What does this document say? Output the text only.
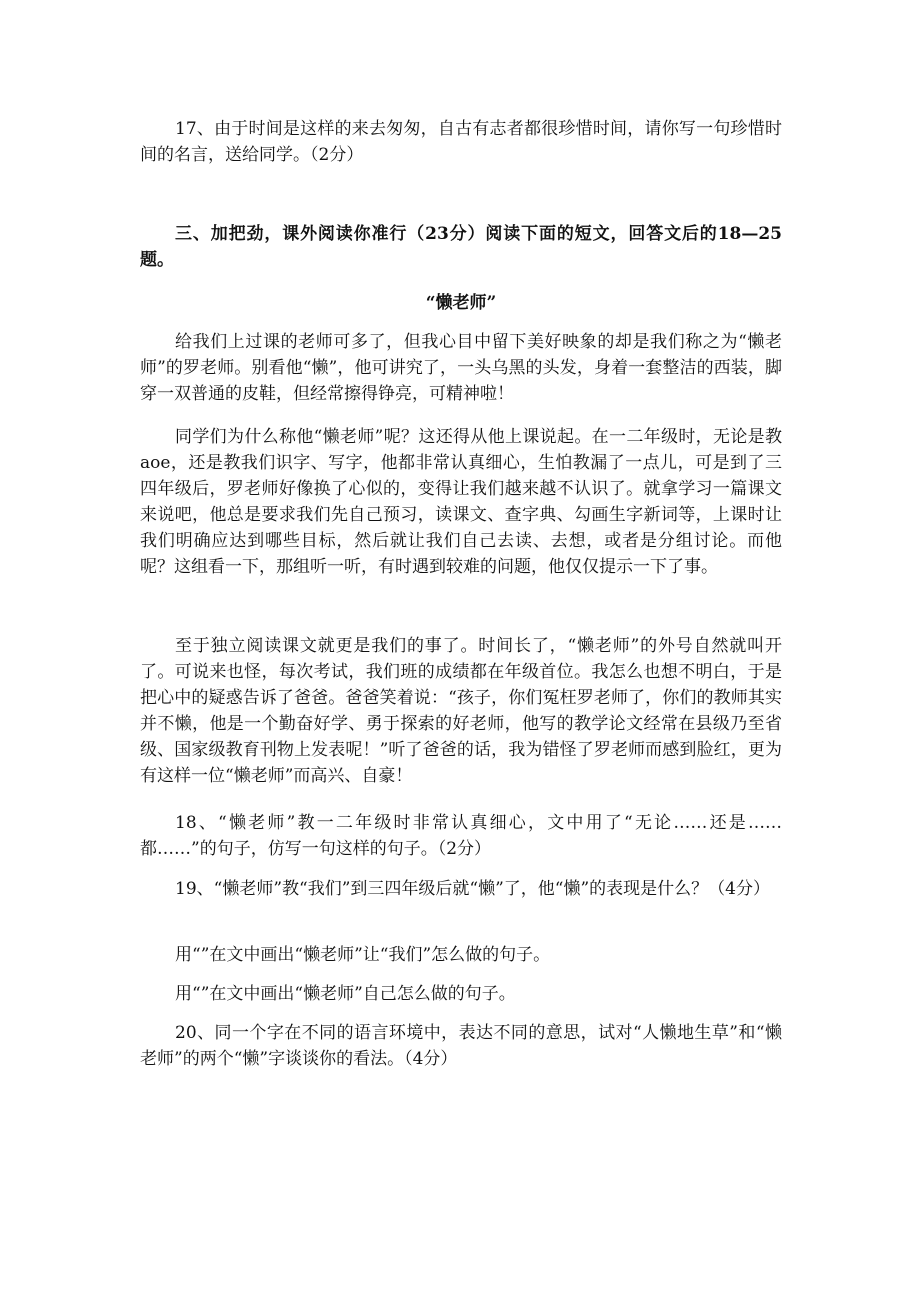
17、由于时间是这样的来去匆匆，自古有志者都很珍惜时间，请你写一句珍惜时间的名言，送给同学。（2分）

三、加把劲，课外阅读你准行（23分）阅读下面的短文，回答文后的18—25题。

“懒老师”

给我们上过课的老师可多了，但我心目中留下美好映象的却是我们称之为“懒老师”的罗老师。别看他“懒”，他可讲究了，一头乌黑的头发，身着一套整洁的西装，脚穿一双普通的皮鞋，但经常擦得铮亮，可精神啦！

同学们为什么称他“懒老师”呢？这还得从他上课说起。在一二年级时，无论是教aoe，还是教我们识字、写字，他都非常认真细心，生怕教漏了一点儿，可是到了三四年级后，罗老师好像换了心似的，变得让我们越来越不认识了。就拿学习一篇课文来说吧，他总是要求我们先自己预习，读课文、查字典、勾画生字新词等，上课时让我们明确应达到哪些目标，然后就让我们自己去读、去想，或者是分组讨论。而他呢？这组看一下，那组听一听，有时遇到较难的问题，他仅仅提示一下了事。

至于独立阅读课文就更是我们的事了。时间长了，“懒老师”的外号自然就叫开了。可说来也怪，每次考试，我们班的成绩都在年级首位。我怎么也想不明白，于是把心中的疑惑告诉了爸爸。爸爸笑着说：“孩子，你们冤枉罗老师了，你们的教师其实并不懒，他是一个勤奋好学、勇于探索的好老师，他写的教学论文经常在县级乃至省级、国家级教育刊物上发表呢！”听了爸爸的话，我为错怪了罗老师而感到脸红，更为有这样一位“懒老师”而高兴、自豪！

18、“懒老师”教一二年级时非常认真细心，文中用了“无论……还是……都……”的句子，仿写一句这样的句子。（2分）

19、“懒老师”教“我们”到三四年级后就“懒”了，他“懒”的表现是什么？（4分）

用“”在文中画出“懒老师”让“我们”怎么做的句子。

用“”在文中画出“懒老师”自己怎么做的句子。

20、同一个字在不同的语言环境中，表达不同的意思，试对“人懒地生草”和“懒老师”的两个“懒”字谈谈你的看法。（4分）
